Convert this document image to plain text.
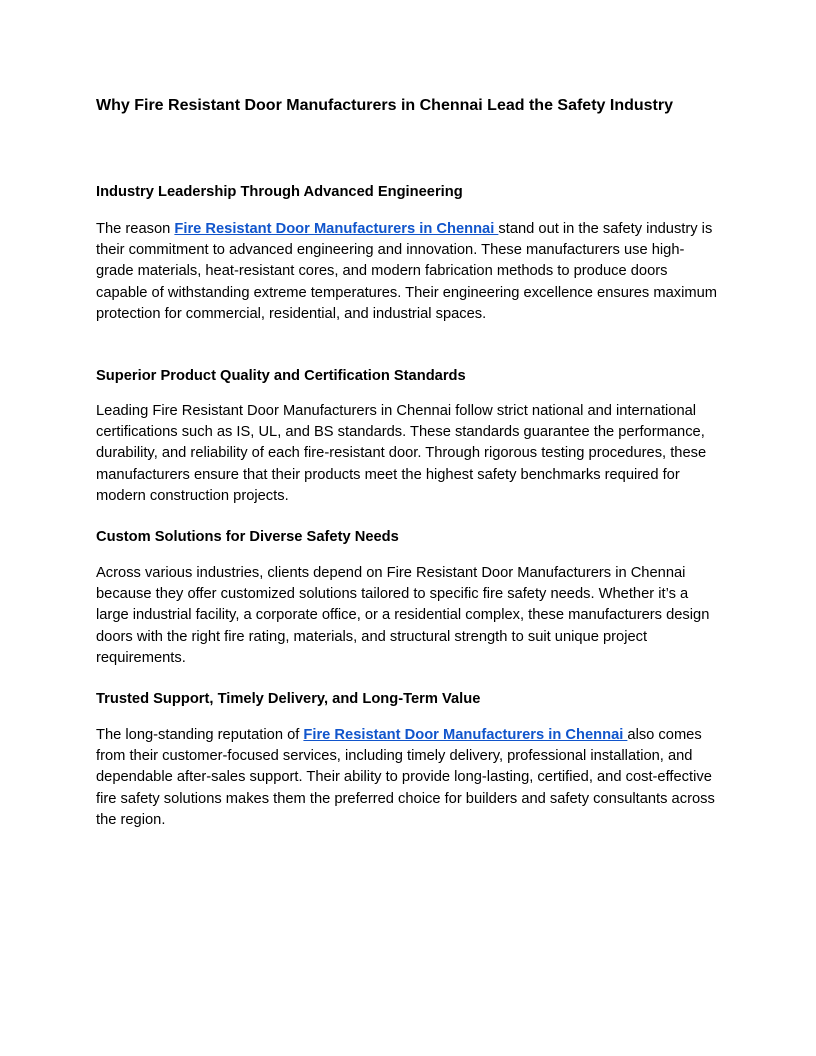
Why Fire Resistant Door Manufacturers in Chennai Lead the Safety Industry
Industry Leadership Through Advanced Engineering

The reason Fire Resistant Door Manufacturers in Chennai stand out in the safety industry is their commitment to advanced engineering and innovation. These manufacturers use high-grade materials, heat-resistant cores, and modern fabrication methods to produce doors capable of withstanding extreme temperatures. Their engineering excellence ensures maximum protection for commercial, residential, and industrial spaces.

Superior Product Quality and Certification Standards

Leading Fire Resistant Door Manufacturers in Chennai follow strict national and international certifications such as IS, UL, and BS standards. These standards guarantee the performance, durability, and reliability of each fire-resistant door. Through rigorous testing procedures, these manufacturers ensure that their products meet the highest safety benchmarks required for modern construction projects.

Custom Solutions for Diverse Safety Needs

Across various industries, clients depend on Fire Resistant Door Manufacturers in Chennai because they offer customized solutions tailored to specific fire safety needs. Whether it’s a large industrial facility, a corporate office, or a residential complex, these manufacturers design doors with the right fire rating, materials, and structural strength to suit unique project requirements.

Trusted Support, Timely Delivery, and Long-Term Value

The long-standing reputation of Fire Resistant Door Manufacturers in Chennai also comes from their customer-focused services, including timely delivery, professional installation, and dependable after-sales support. Their ability to provide long-lasting, certified, and cost-effective fire safety solutions makes them the preferred choice for builders and safety consultants across the region.
